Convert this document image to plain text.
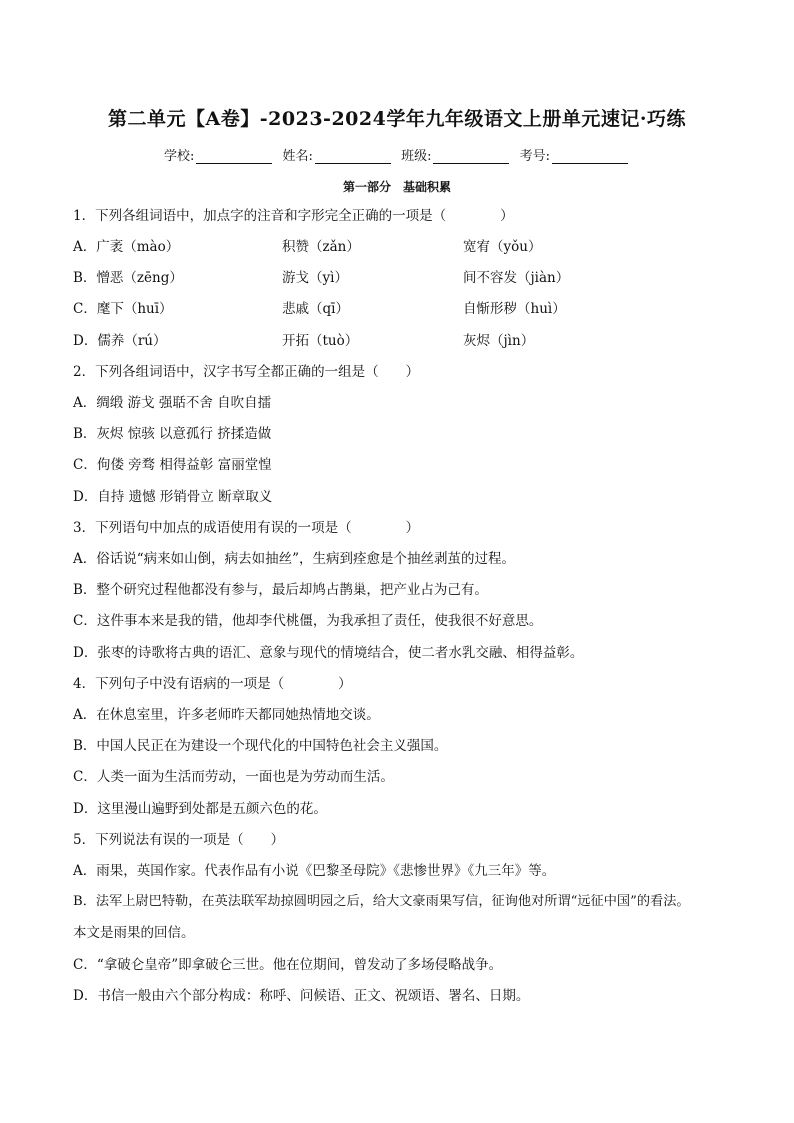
第二单元【A卷】-2023-2024学年九年级语文上册单元速记·巧练
学校:	姓名:	班级:	考号:
第一部分　基础积累
1．下列各组词语中，加点字的注音和字形完全正确的一项是（　　　　）
A．广袤（mào）	积赞（zǎn）	宽宥（yǒu）
B．憎恶（zēng）	游戈（yì）	间不容发（jiàn）
C．麾下（huī）	悲戚（qī）	自惭形秽（huì）
D．儒养（rú）	开拓（tuò）	灰烬（jìn）
2．下列各组词语中，汉字书写全都正确的一组是（　　）
A．绸缎 游戈 强聒不舍 自吹自擂
B．灰烬 惊骇 以意孤行 挤揉造做
C．佝偻 旁骛 相得益彰 富丽堂惶
D．自持 遗憾 形销骨立 断章取义
3．下列语句中加点的成语使用有误的一项是（　　　　）
A．俗话说“病来如山倒，病去如抽丝”，生病到痊愈是个抽丝剥茧的过程。
B．整个研究过程他都没有参与，最后却鸠占鹊巢，把产业占为己有。
C．这件事本来是我的错，他却李代桃僵，为我承担了责任，使我很不好意思。
D．张枣的诗歌将古典的语汇、意象与现代的情境结合，使二者水乳交融、相得益彰。
4．下列句子中没有语病的一项是（　　　　）
A．在休息室里，许多老师昨天都同她热情地交谈。
B．中国人民正在为建设一个现代化的中国特色社会主义强国。
C．人类一面为生活而劳动，一面也是为劳动而生活。
D．这里漫山遍野到处都是五颜六色的花。
5．下列说法有误的一项是（　　）
A．雨果，英国作家。代表作品有小说《巴黎圣母院》《悲惨世界》《九三年》等。
B．法军上尉巴特勒，在英法联军劫掠圆明园之后，给大文豪雨果写信，征询他对所谓“远征中国”的看法。
本文是雨果的回信。
C．“拿破仑皇帝”即拿破仑三世。他在位期间，曾发动了多场侵略战争。
D．书信一般由六个部分构成：称呼、问候语、正文、祝颂语、署名、日期。
